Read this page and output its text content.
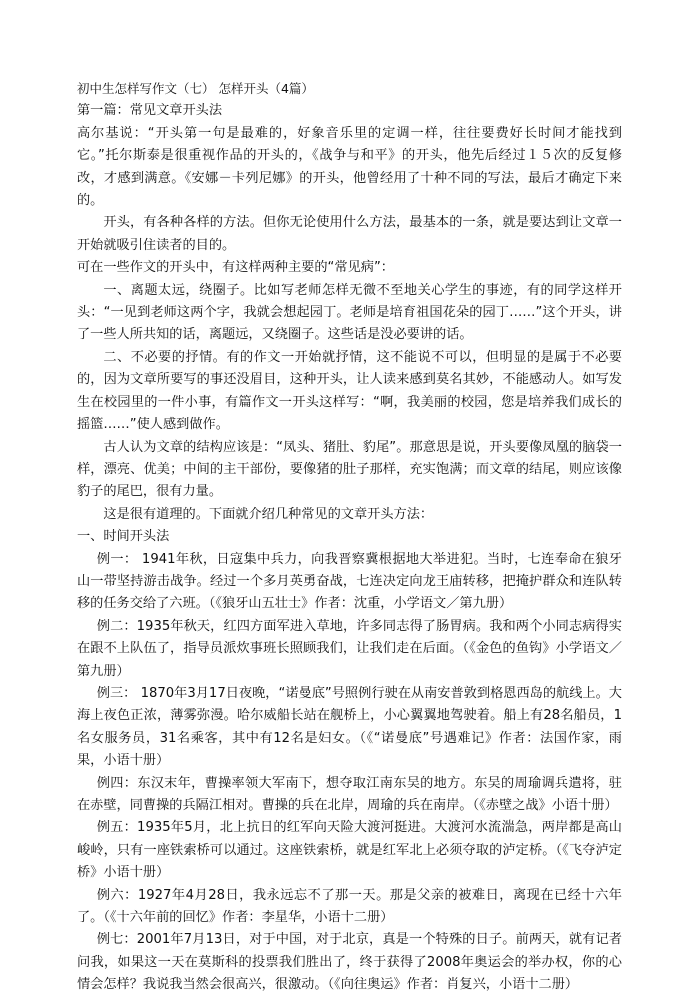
初中生怎样写作文（七） 怎样开头（4篇）

第一篇：常见文章开头法

高尔基说：“开头第一句是最难的，好象音乐里的定调一样，往往要费好长时间才能找到它。”托尔斯泰是很重视作品的开头的，《战争与和平》的开头，他先后经过１５次的反复修改，才感到满意。《安娜－卡列尼娜》的开头，他曾经用了十种不同的写法，最后才确定下来的。

开头，有各种各样的方法。但你无论使用什么方法，最基本的一条，就是要达到让文章一开始就吸引住读者的目的。

可在一些作文的开头中，有这样两种主要的“常见病”：

一、离题太远，绕圈子。比如写老师怎样无微不至地关心学生的事迹，有的同学这样开头：“一见到老师这两个字，我就会想起园丁。老师是培育祖国花朵的园丁……”这个开头，讲了一些人所共知的话，离题远，又绕圈子。这些话是没必要讲的话。

二、不必要的抒情。有的作文一开始就抒情，这不能说不可以，但明显的是属于不必要的，因为文章所要写的事还没眉目，这种开头，让人读来感到莫名其妙，不能感动人。如写发生在校园里的一件小事，有篇作文一开头这样写：“啊，我美丽的校园，您是培养我们成长的摇篮……”使人感到做作。

古人认为文章的结构应该是：“凤头、猪肚、豹尾”。那意思是说，开头要像凤凰的脑袋一样，漂亮、优美；中间的主干部份，要像猪的肚子那样，充实饱满；而文章的结尾，则应该像豹子的尾巴，很有力量。

这是很有道理的。下面就介绍几种常见的文章开头方法：

一、时间开头法

例一： 1941年秋，日寇集中兵力，向我晋察冀根据地大举进犯。当时，七连奉命在狼牙山一带坚持游击战争。经过一个多月英勇奋战，七连决定向龙王庙转移，把掩护群众和连队转移的任务交给了六班。（《狼牙山五壮士》作者：沈重，小学语文／第九册）

例二：1935年秋天，红四方面军进入草地，许多同志得了肠胃病。我和两个小同志病得实在跟不上队伍了，指导员派炊事班长照顾我们，让我们走在后面。（《金色的鱼钩》小学语文／第九册）

例三： 1870年3月17日夜晚，“诺曼底”号照例行驶在从南安普敦到格恩西岛的航线上。大海上夜色正浓，薄雾弥漫。哈尔威船长站在舰桥上，小心翼翼地驾驶着。船上有28名船员，1名女服务员，31名乘客，其中有12名是妇女。（《“诺曼底”号遇难记》作者：法国作家，雨果，小语十册）

例四：东汉末年，曹操率领大军南下，想夺取江南东吴的地方。东吴的周瑜调兵遣将，驻在赤壁，同曹操的兵隔江相对。曹操的兵在北岸，周瑜的兵在南岸。（《赤壁之战》小语十册）

例五：1935年5月，北上抗日的红军向天险大渡河挺进。大渡河水流湍急，两岸都是高山峻岭，只有一座铁索桥可以通过。这座铁索桥，就是红军北上必须夺取的泸定桥。（《飞夺泸定桥》小语十册）

例六：1927年4月28日，我永远忘不了那一天。那是父亲的被难日，离现在已经十六年了。（《十六年前的回忆》作者：李星华，小语十二册）

例七：2001年7月13日，对于中国，对于北京，真是一个特殊的日子。前两天，就有记者问我，如果这一天在莫斯科的投票我们胜出了，终于获得了2008年奥运会的举办权，你的心情会怎样？我说我当然会很高兴，很激动。（《向往奥运》作者：肖复兴，小语十二册）
